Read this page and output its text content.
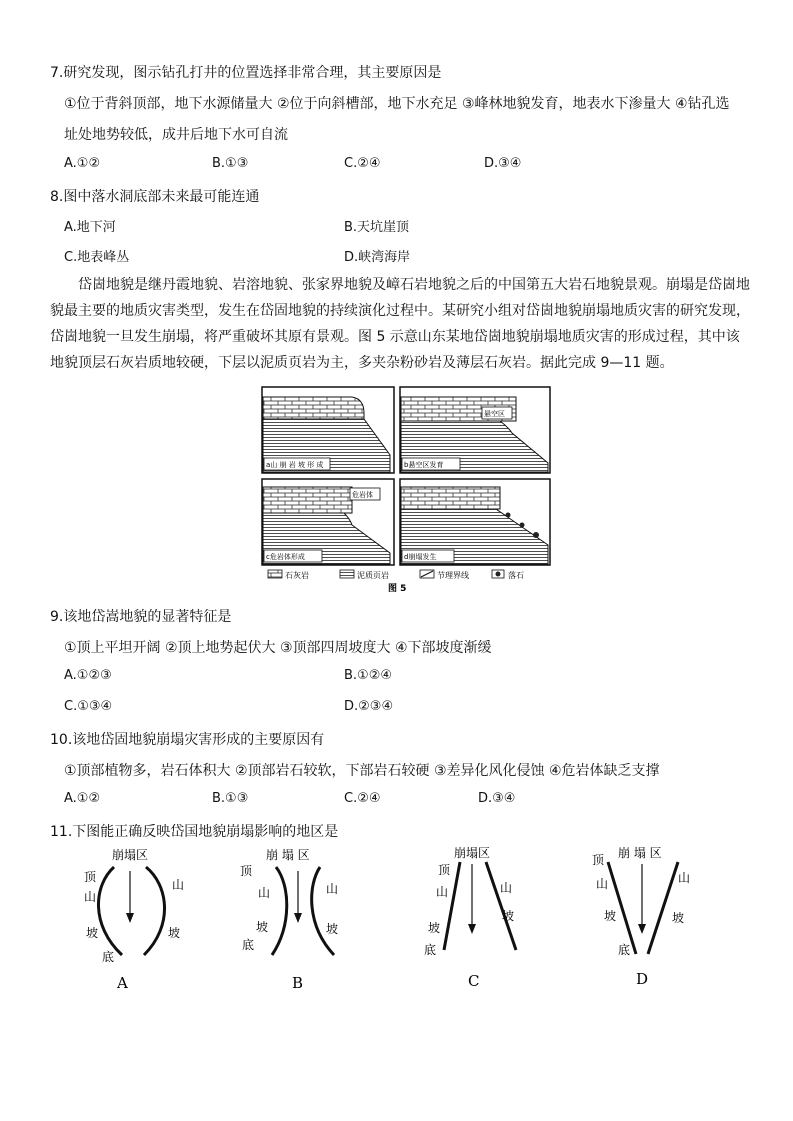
7.研究发现，图示钻孔打井的位置选择非常合理，其主要原因是
①位于背斜顶部，地下水源储量大 ②位于向斜槽部，地下水充足 ③峰林地貌发育，地表水下渗量大 ④钻孔选
址处地势较低，成井后地下水可自流
A.①②	B.①③	C.②④	D.③④
8.图中落水洞底部未来最可能连通
A.地下河	B.天坑崖顶
C.地表峰丛	D.峡湾海岸
岱崮地貌是继丹霞地貌、岩溶地貌、张家界地貌及嶂石岩地貌之后的中国第五大岩石地貌景观。崩塌是岱崮地貌最主要的地质灾害类型，发生在岱固地貌的持续演化过程中。某研究小组对岱崮地貌崩塌地质灾害的研究发现，岱崮地貌一旦发生崩塌，将严重破坏其原有景观。图 5 示意山东某地岱崮地貌崩塌地质灾害的形成过程，其中该地貌顶层石灰岩质地较硬，下层以泥质页岩为主，多夹杂粉砂岩及薄层石灰岩。据此完成 9—11 题。
a山 崩 岩 坡 形 成
悬空区
b悬空区发育
危岩体
c危岩体形成	d崩塌发生
石灰岩	泥质页岩	节理界线	落石
图 5
9.该地岱嵩地貌的显著特征是
①顶上平坦开阔 ②顶上地势起伏大 ③顶部四周坡度大 ④下部坡度渐缓
A.①②③	B.①②④
C.①③④	D.②③④
10.该地岱固地貌崩塌灾害形成的主要原因有
①顶部植物多，岩石体积大 ②顶部岩石较软，下部岩石较硬 ③差异化风化侵蚀 ④危岩体缺乏支撑
A.①②	B.①③	C.②④	D.③④
11.下图能正确反映岱国地貌崩塌影响的地区是
崩塌区
顶
山
坡
底
山
坡
A
崩 塌 区
顶
山
坡
底
山
坡
B
崩塌区
顶
山
坡
底
山
坡
C
崩 塌 区
顶
山
坡
底
山
坡
D
